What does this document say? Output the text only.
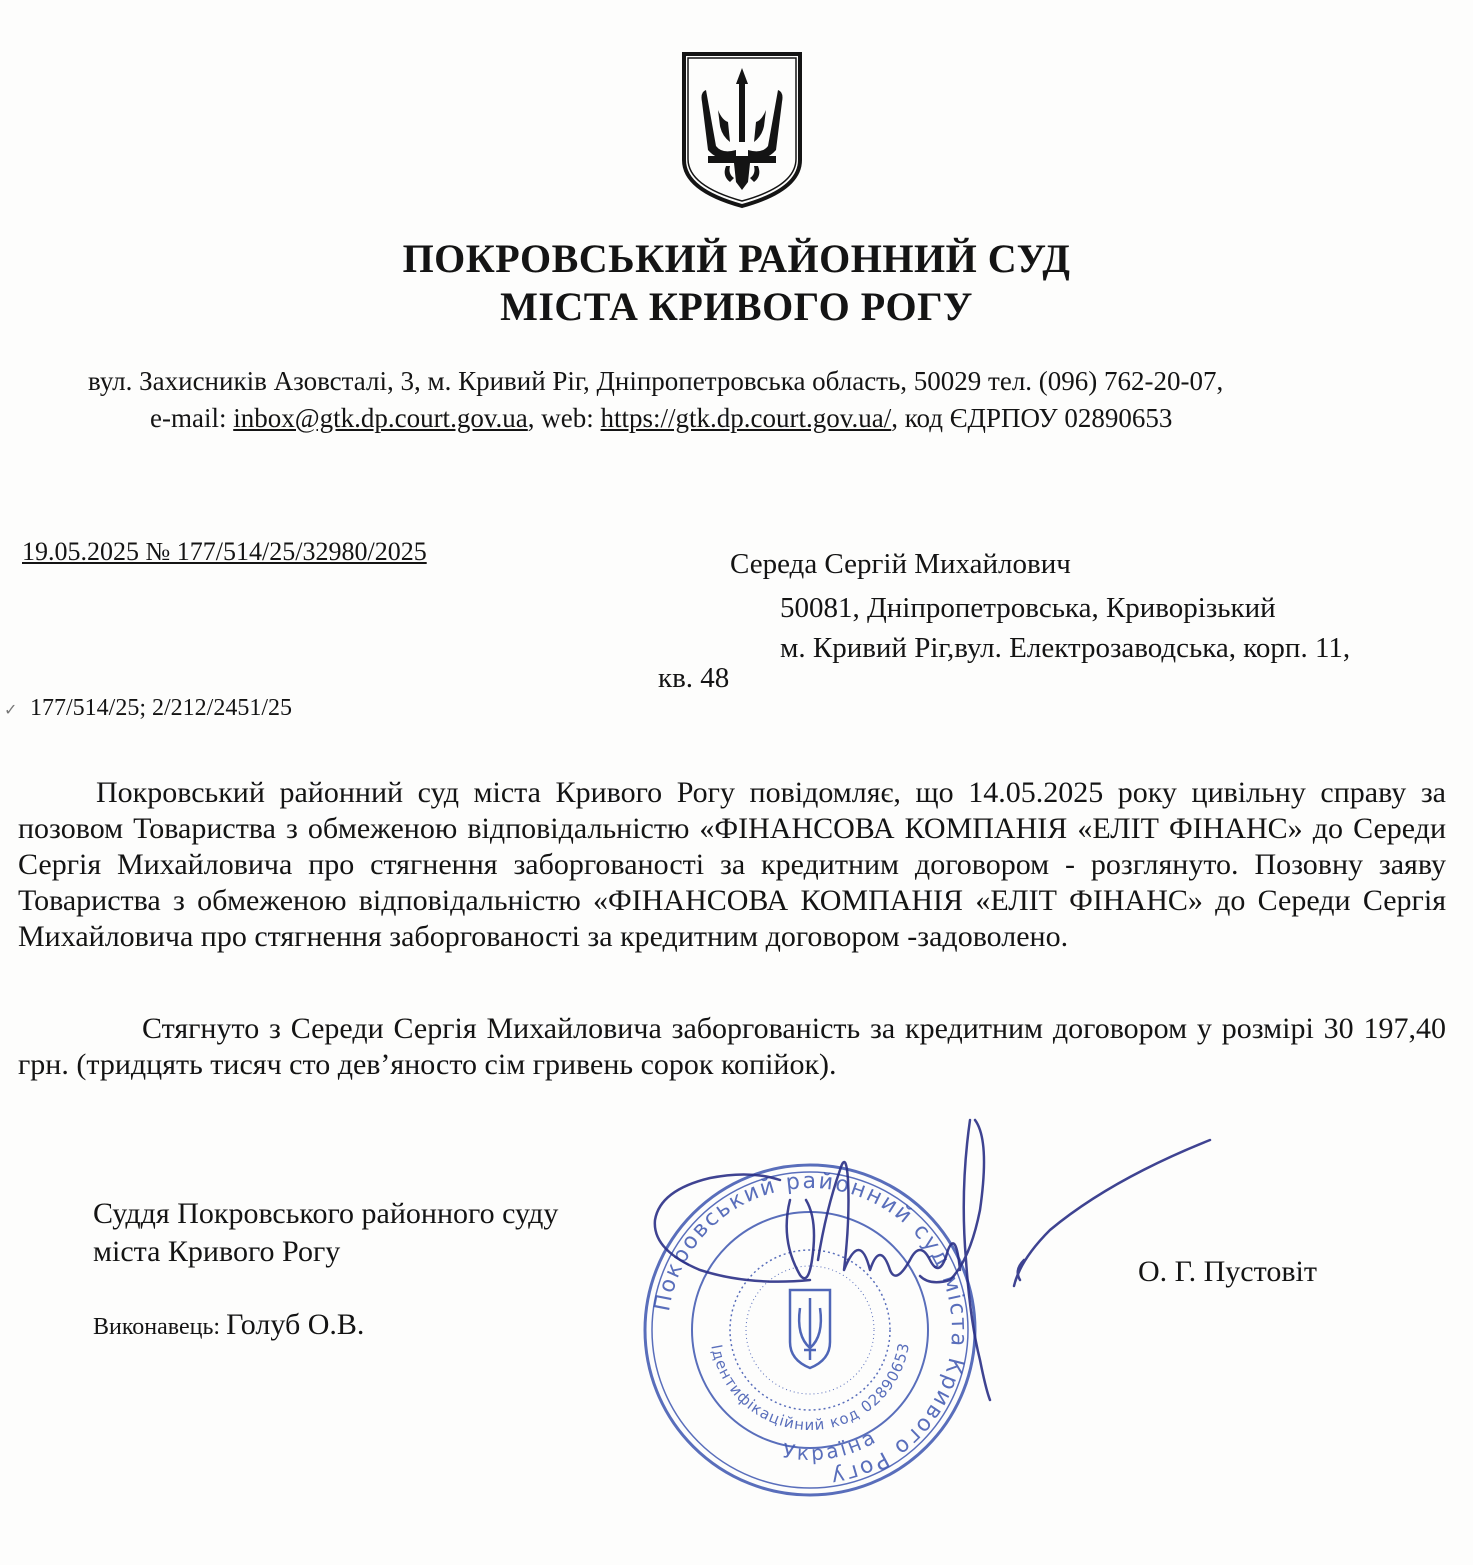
ПОКРОВСЬКИЙ РАЙОННИЙ СУД
МІСТА КРИВОГО РОГУ
вул. Захисників Азовсталі, 3, м. Кривий Ріг, Дніпропетровська область, 50029 тел. (096) 762-20-07,
e-mail: inbox@gtk.dp.court.gov.ua, web: https://gtk.dp.court.gov.ua/, код ЄДРПОУ 02890653
19.05.2025 № 177/514/25/32980/2025	Середа Сергій Михайлович
50081, Дніпропетровська, Криворізький
м. Кривий Ріг,вул. Електрозаводська, корп. 11,
кв. 48
✓ 177/514/25; 2/212/2451/25
Покровський районний суд міста Кривого Рогу повідомляє, що 14.05.2025 року цивільну справу за позовом Товариства з обмеженою відповідальністю «ФІНАНСОВА КОМПАНІЯ «ЕЛІТ ФІНАНС» до Середи Сергія Михайловича про стягнення заборгованості за кредитним договором - розглянуто. Позовну заяву Товариства з обмеженою відповідальністю «ФІНАНСОВА КОМПАНІЯ «ЕЛІТ ФІНАНС» до Середи Сергія Михайловича про стягнення заборгованості за кредитним договором -задоволено.
Стягнуто з Середи Сергія Михайловича заборгованість за кредитним договором у розмірі 30 197,40 грн. (тридцять тисяч сто дев’яносто сім гривень сорок копійок).
Суддя Покровського районного суду
міста Кривого Рогу
Виконавець: Голуб О.В.
О. Г. Пустовіт
Покровський районний суд міста Кривого Рогу
Ідентифікаційний код 02890653
Україна
